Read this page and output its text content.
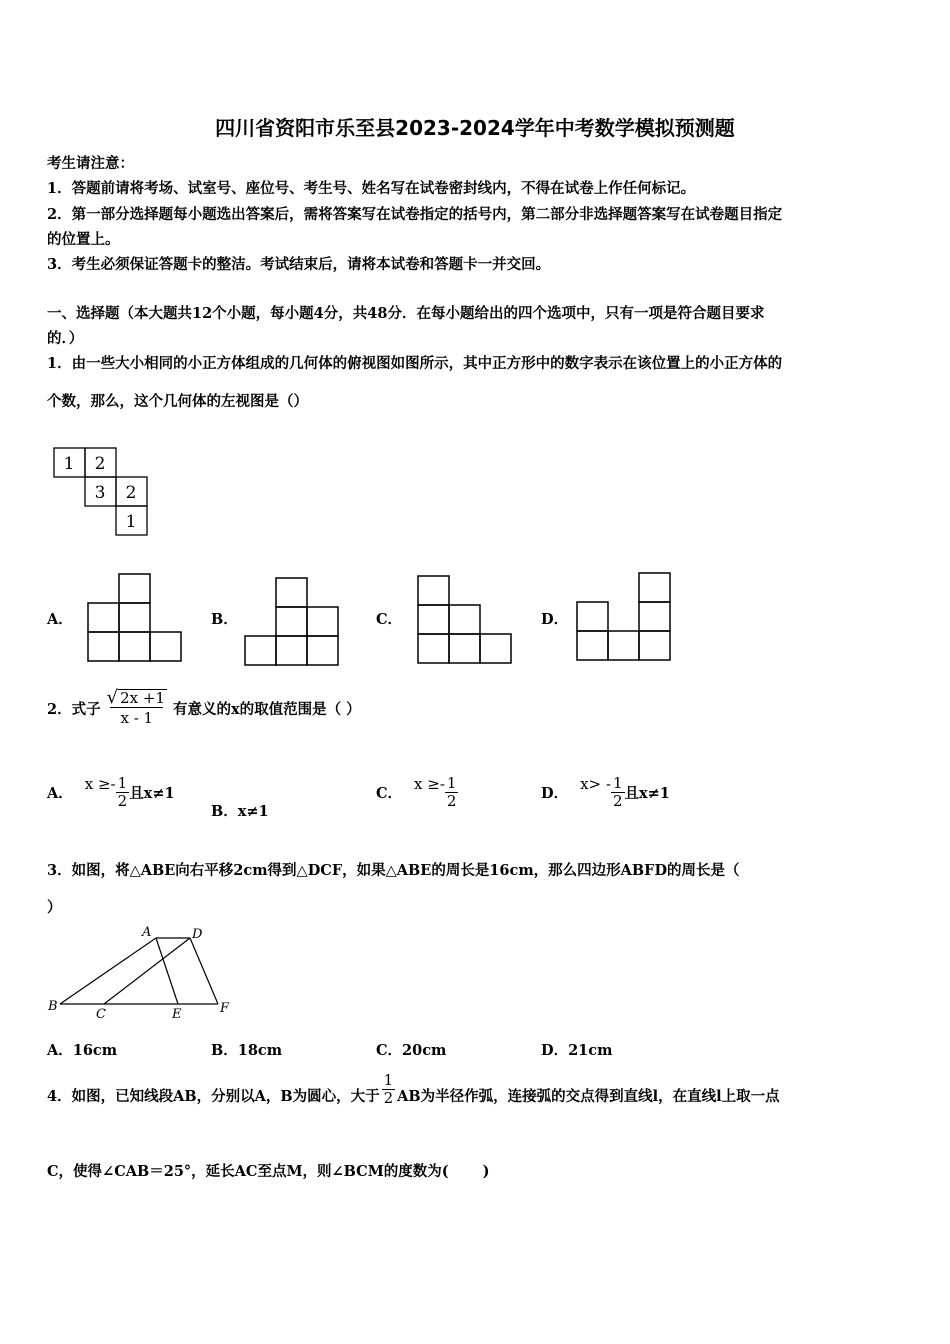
四川省资阳市乐至县2023-2024学年中考数学模拟预测题
考生请注意：
1．答题前请将考场、试室号、座位号、考生号、姓名写在试卷密封线内，不得在试卷上作任何标记。
2．第一部分选择题每小题选出答案后，需将答案写在试卷指定的括号内，第二部分非选择题答案写在试卷题目指定
的位置上。
3．考生必须保证答题卡的整洁。考试结束后，请将本试卷和答题卡一并交回。
一、选择题（本大题共12个小题，每小题4分，共48分．在每小题给出的四个选项中，只有一项是符合题目要求
的．）
1．由一些大小相同的小正方体组成的几何体的俯视图如图所示，其中正方形中的数字表示在该位置上的小正方体的
个数，那么，这个几何体的左视图是（）
1 2
3 2
1
A．	B．	C．	D．
2．式子 $\frac{√ 2x +1}{x - 1}$ 有意义的x的取值范围是（ ）
A．
$x \ge- \frac{1}{2}$ 且x≠1
B．x≠1
C．
$x \ge- \frac{1}{2}$	D．
$x> - \frac{1}{2}$ 且x≠1
3．如图，将△ABE向右平移2cm得到△DCF，如果△ABE的周长是16cm，那么四边形ABFD的周长是（
）
A	D
B
C	E	F
A．16cm	B．18cm	C．20cm	D．21cm
4．如图，已知线段AB，分别以A，B为圆心，大于 $\frac{1}{2}$ AB为半径作弧，连接弧的交点得到直线l，在直线l上取一点
C，使得∠CAB＝25°，延长AC至点M，则∠BCM的度数为(　　 )
